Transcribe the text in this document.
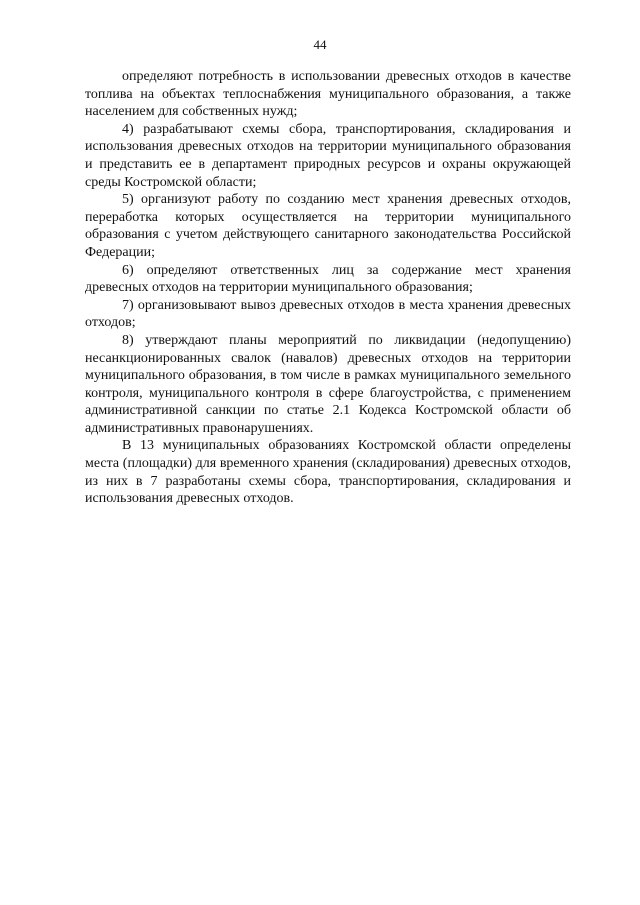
44

определяют потребность в использовании древесных отходов в качестве топлива на объектах теплоснабжения муниципального образования, а также населением для собственных нужд;

4) разрабатывают схемы сбора, транспортирования, складирования и использования древесных отходов на территории муниципального образования и представить ее в департамент природных ресурсов и охраны окружающей среды Костромской области;

5) организуют работу по созданию мест хранения древесных отходов, переработка которых осуществляется на территории муниципального образования с учетом действующего санитарного законодательства Российской Федерации;

6) определяют ответственных лиц за содержание мест хранения древесных отходов на территории муниципального образования;

7) организовывают вывоз древесных отходов в места хранения древесных отходов;

8) утверждают планы мероприятий по ликвидации (недопущению) несанкционированных свалок (навалов) древесных отходов на территории муниципального образования, в том числе в рамках муниципального земельного контроля, муниципального контроля в сфере благоустройства, с применением административной санкции по статье 2.1 Кодекса Костромской области об административных правонарушениях.

В 13 муниципальных образованиях Костромской области определены места (площадки) для временного хранения (складирования) древесных отходов, из них в 7 разработаны схемы сбора, транспортирования, складирования и использования древесных отходов.
